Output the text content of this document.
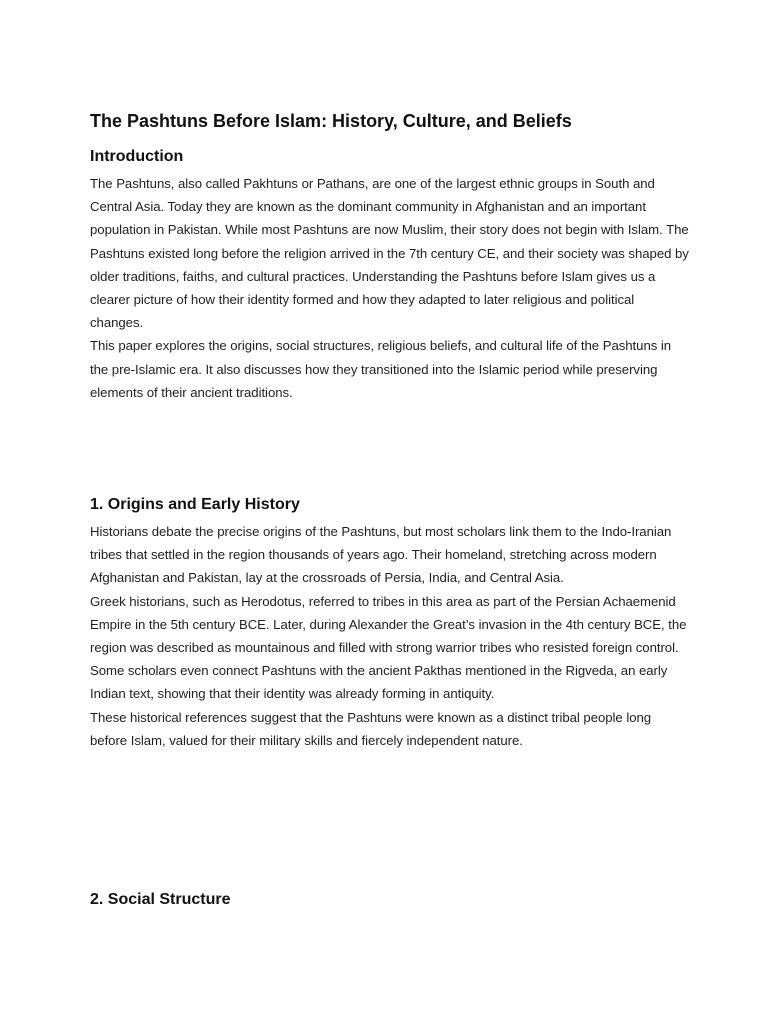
The Pashtuns Before Islam: History, Culture, and Beliefs
Introduction

The Pashtuns, also called Pakhtuns or Pathans, are one of the largest ethnic groups in South and Central Asia. Today they are known as the dominant community in Afghanistan and an important population in Pakistan. While most Pashtuns are now Muslim, their story does not begin with Islam. The Pashtuns existed long before the religion arrived in the 7th century CE, and their society was shaped by older traditions, faiths, and cultural practices. Understanding the Pashtuns before Islam gives us a clearer picture of how their identity formed and how they adapted to later religious and political changes.

This paper explores the origins, social structures, religious beliefs, and cultural life of the Pashtuns in the pre-Islamic era. It also discusses how they transitioned into the Islamic period while preserving elements of their ancient traditions.

1. Origins and Early History

Historians debate the precise origins of the Pashtuns, but most scholars link them to the Indo-Iranian tribes that settled in the region thousands of years ago. Their homeland, stretching across modern Afghanistan and Pakistan, lay at the crossroads of Persia, India, and Central Asia.

Greek historians, such as Herodotus, referred to tribes in this area as part of the Persian Achaemenid Empire in the 5th century BCE. Later, during Alexander the Great’s invasion in the 4th century BCE, the region was described as mountainous and filled with strong warrior tribes who resisted foreign control. Some scholars even connect Pashtuns with the ancient Pakthas mentioned in the Rigveda, an early Indian text, showing that their identity was already forming in antiquity.

These historical references suggest that the Pashtuns were known as a distinct tribal people long before Islam, valued for their military skills and fiercely independent nature.

2. Social Structure
